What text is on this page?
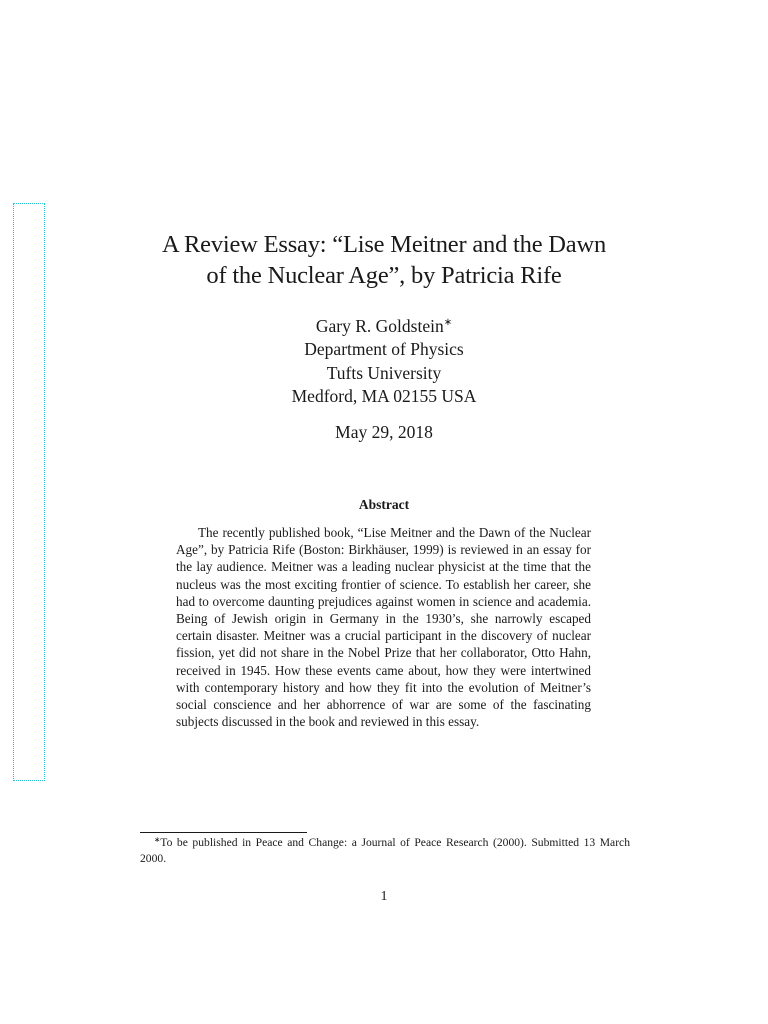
A Review Essay: “Lise Meitner and the Dawn
of the Nuclear Age”, by Patricia Rife
Gary R. Goldstein∗
Department of Physics
Tufts University
Medford, MA 02155 USA
May 29, 2018
Abstract
The recently published book, “Lise Meitner and the Dawn of the Nuclear Age”, by Patricia Rife (Boston: Birkhäuser, 1999) is reviewed in an essay for the lay audience. Meitner was a leading nuclear physicist at the time that the nucleus was the most exciting frontier of science. To establish her career, she had to overcome daunting prejudices against women in science and academia. Being of Jewish origin in Germany in the 1930’s, she narrowly escaped certain disaster. Meitner was a crucial participant in the discovery of nuclear fission, yet did not share in the Nobel Prize that her collaborator, Otto Hahn, received in 1945. How these events came about, how they were intertwined with contemporary history and how they fit into the evolution of Meitner’s social conscience and her abhorrence of war are some of the fascinating subjects discussed in the book and reviewed in this essay.
∗To be published in Peace and Change: a Journal of Peace Research (2000). Submitted 13 March 2000.
1
